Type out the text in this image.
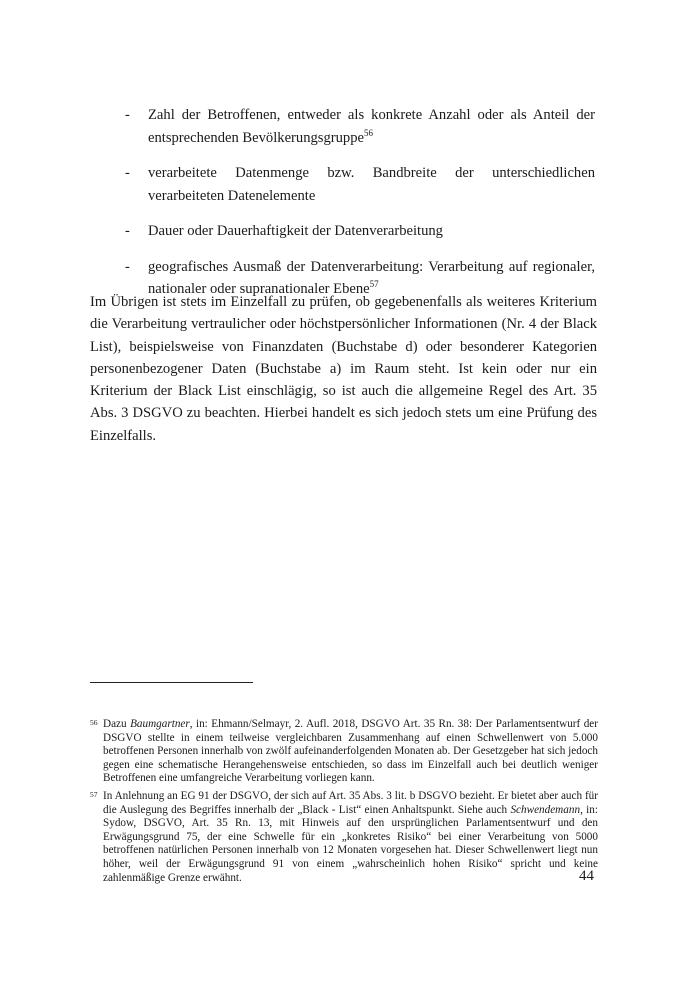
- Zahl der Betroffenen, entweder als konkrete Anzahl oder als Anteil der entsprechenden Bevölkerungsgruppe$^{56}$
- verarbeitete Datenmenge bzw. Bandbreite der unterschiedlichen verarbeiteten Datenelemente
- Dauer oder Dauerhaftigkeit der Datenverarbeitung
- geografisches Ausmaß der Datenverarbeitung: Verarbeitung auf regionaler, nationaler oder supranationaler Ebene$^{57}$
Im Übrigen ist stets im Einzelfall zu prüfen, ob gegebenenfalls als weiteres Kriterium die Verarbeitung vertraulicher oder höchstpersönlicher Informationen (Nr. 4 der Black List), beispielsweise von Finanzdaten (Buchstabe d) oder besonderer Kategorien personenbezogener Daten (Buchstabe a) im Raum steht. Ist kein oder nur ein Kriterium der Black List einschlägig, so ist auch die allgemeine Regel des Art. 35 Abs. 3 DSGVO zu beachten. Hierbei handelt es sich jedoch stets um eine Prüfung des Einzelfalls.
56 Dazu Baumgartner, in: Ehmann/Selmayr, 2. Aufl. 2018, DSGVO Art. 35 Rn. 38: Der Parlamentsentwurf der DSGVO stellte in einem teilweise vergleichbaren Zusammenhang auf einen Schwellenwert von 5.000 betroffenen Personen innerhalb von zwölf aufeinanderfolgenden Monaten ab. Der Gesetzgeber hat sich jedoch gegen eine schematische Herangehensweise entschieden, so dass im Einzelfall auch bei deutlich weniger Betroffenen eine umfangreiche Verarbeitung vorliegen kann.
57 In Anlehnung an EG 91 der DSGVO, der sich auf Art. 35 Abs. 3 lit. b DSGVO bezieht. Er bietet aber auch für die Auslegung des Begriffes innerhalb der „Black - List“ einen Anhaltspunkt. Siehe auch Schwendemann, in: Sydow, DSGVO, Art. 35 Rn. 13, mit Hinweis auf den ursprünglichen Parlamentsentwurf und den Erwägungsgrund 75, der eine Schwelle für ein „konkretes Risiko“ bei einer Verarbeitung von 5000 betroffenen natürlichen Personen innerhalb von 12 Monaten vorgesehen hat. Dieser Schwellenwert liegt nun höher, weil der Erwägungsgrund 91 von einem „wahrscheinlich hohen Risiko“ spricht und keine zahlenmäßige Grenze erwähnt.	44
